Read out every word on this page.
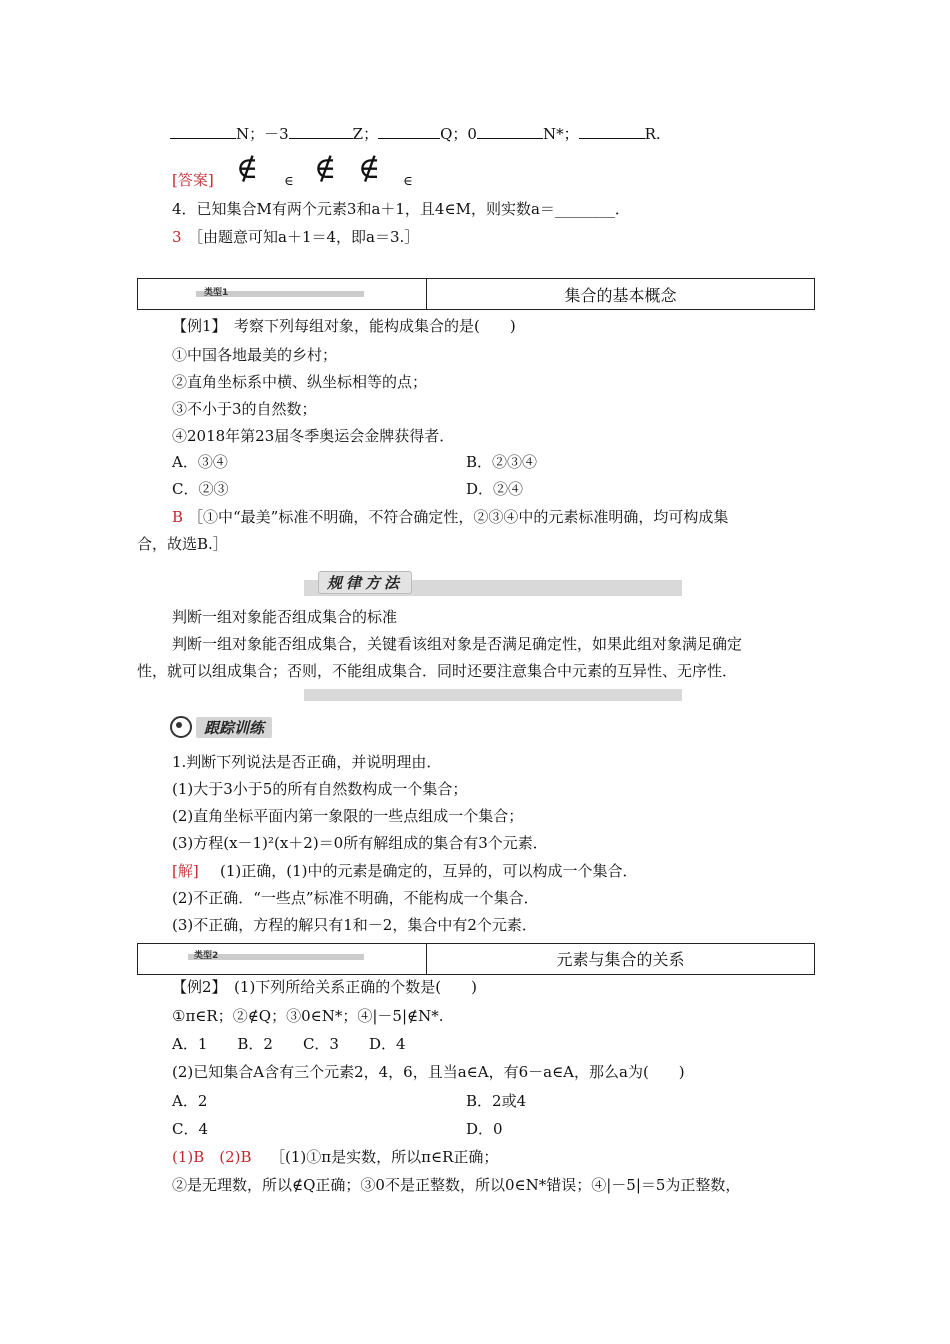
N；－3	Z；	Q；0	N*；	R.
[答案] ∉ ∈ ∉ ∉ ∈
4．已知集合M有两个元素3和a＋1，且4∈M，则实数a＝________．
3 ［由题意可知a＋1＝4，即a＝3.］
类型1	集合的基本概念
【例1】　考察下列每组对象，能构成集合的是(　　)
①中国各地最美的乡村；
②直角坐标系中横、纵坐标相等的点；
③不小于3的自然数；
④2018年第23届冬季奥运会金牌获得者．
A．③④	B．②③④
C．②③	D．②④
B ［①中“最美”标准不明确，不符合确定性，②③④中的元素标准明确，均可构成集
合，故选B.］
规律方法
判断一组对象能否组成集合的标准
判断一组对象能否组成集合，关键看该组对象是否满足确定性，如果此组对象满足确定
性，就可以组成集合；否则，不能组成集合．同时还要注意集合中元素的互异性、无序性．
跟踪训练
1.判断下列说法是否正确，并说明理由．
(1)大于3小于5的所有自然数构成一个集合；
(2)直角坐标平面内第一象限的一些点组成一个集合；
(3)方程(x－1)²(x＋2)＝0所有解组成的集合有3个元素．
[解] (1)正确，(1)中的元素是确定的，互异的，可以构成一个集合．
(2)不正确．“一些点”标准不明确，不能构成一个集合．
(3)不正确，方程的解只有1和－2，集合中有2个元素．
类型2	元素与集合的关系
【例2】　(1)下列所给关系正确的个数是(　　)
①π∈R；②∉Q；③0∈N*；④|－5|∉N*.
A．1　　B．2　　C．3　　D．4
(2)已知集合A含有三个元素2，4，6，且当a∈A，有6－a∈A，那么a为(　　)
A．2	B．2或4
C．4	D．0
(1)B　(2)B ［(1)①π是实数，所以π∈R正确；
②是无理数，所以∉Q正确；③0不是正整数，所以0∈N*错误；④|－5|＝5为正整数，
